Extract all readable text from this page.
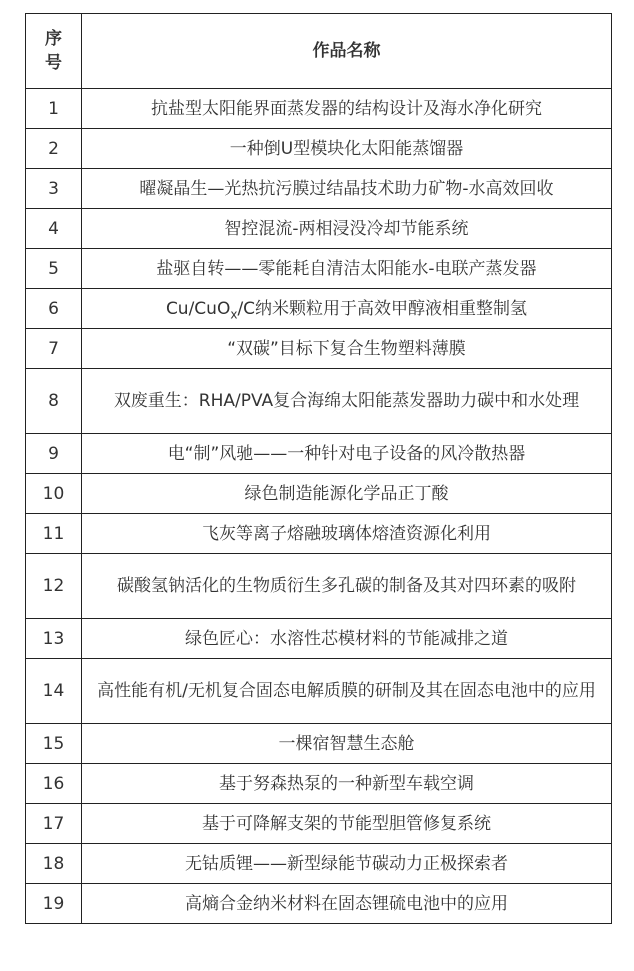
序
号	作品名称
1	抗盐型太阳能界面蒸发器的结构设计及海水净化研究
2	一种倒U型模块化太阳能蒸馏器
3	曜凝晶生—光热抗污膜过结晶技术助力矿物-水高效回收
4	智控混流-两相浸没冷却节能系统
5	盐驱自转——零能耗自清洁太阳能水-电联产蒸发器
6	Cu/CuO$_x$/C纳米颗粒用于高效甲醇液相重整制氢
7	“双碳”目标下复合生物塑料薄膜
8	双废重生：RHA/PVA复合海绵太阳能蒸发器助力碳中和水处理
9	电“制”风驰——一种针对电子设备的风冷散热器
10	绿色制造能源化学品正丁酸
11	飞灰等离子熔融玻璃体熔渣资源化利用
12	碳酸氢钠活化的生物质衍生多孔碳的制备及其对四环素的吸附
13	绿色匠心：水溶性芯模材料的节能减排之道
14	高性能有机/无机复合固态电解质膜的研制及其在固态电池中的应用
15	一棵宿智慧生态舱
16	基于努森热泵的一种新型车载空调
17	基于可降解支架的节能型胆管修复系统
18	无钴质锂——新型绿能节碳动力正极探索者
19	高熵合金纳米材料在固态锂硫电池中的应用
